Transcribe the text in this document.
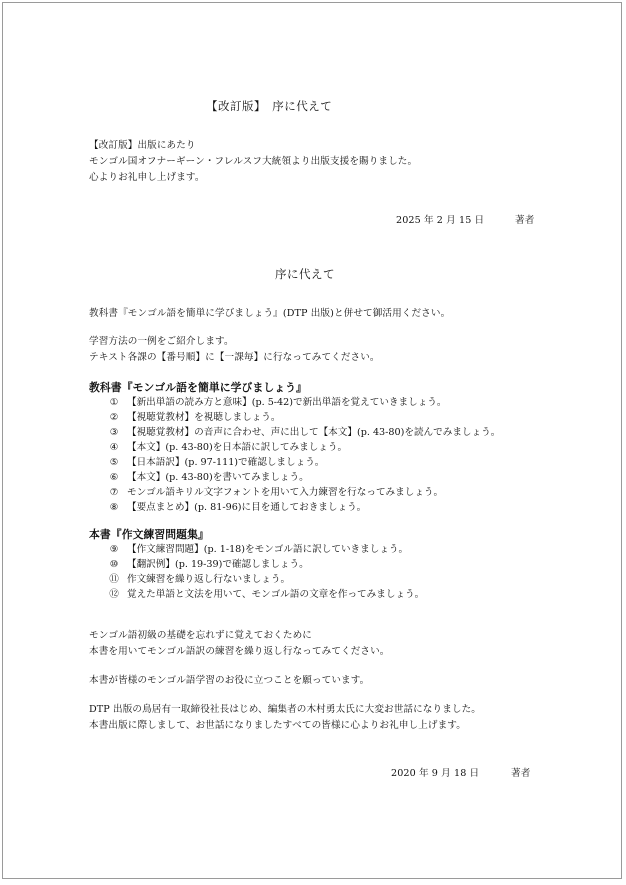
【改訂版】　序に代えて
【改訂版】出版にあたり
モンゴル国オフナーギーン・フレルスフ大統領より出版支援を賜りました。
心よりお礼申し上げます。
2025 年 2 月 15 日	著者
序に代えて
教科書『モンゴル語を簡単に学びましょう』(DTP 出版)と併せて御活用ください。
学習方法の一例をご紹介します。
テキスト各課の【番号順】に【一課毎】に行なってみてください。
教科書『モンゴル語を簡単に学びましょう』
① 【新出単語の読み方と意味】(p. 5-42)で新出単語を覚えていきましょう。
② 【視聴覚教材】を視聴しましょう。
③ 【視聴覚教材】の音声に合わせ、声に出して【本文】(p. 43-80)を読んでみましょう。
④ 【本文】(p. 43-80)を日本語に訳してみましょう。
⑤ 【日本語訳】(p. 97-111)で確認しましょう。
⑥ 【本文】(p. 43-80)を書いてみましょう。
⑦ モンゴル語キリル文字フォントを用いて入力練習を行なってみましょう。
⑧ 【要点まとめ】(p. 81-96)に目を通しておきましょう。
本書『作文練習問題集』
⑨ 【作文練習問題】(p. 1-18)をモンゴル語に訳していきましょう。
⑩ 【翻訳例】(p. 19-39)で確認しましょう。
⑪ 作文練習を繰り返し行ないましょう。
⑫ 覚えた単語と文法を用いて、モンゴル語の文章を作ってみましょう。
モンゴル語初級の基礎を忘れずに覚えておくために
本書を用いてモンゴル語訳の練習を繰り返し行なってみてください。
本書が皆様のモンゴル語学習のお役に立つことを願っています。
DTP 出版の鳥居有一取締役社長はじめ、編集者の木村勇太氏に大変お世話になりました。
本書出版に際しまして、お世話になりましたすべての皆様に心よりお礼申し上げます。
2020 年 9 月 18 日	著者
